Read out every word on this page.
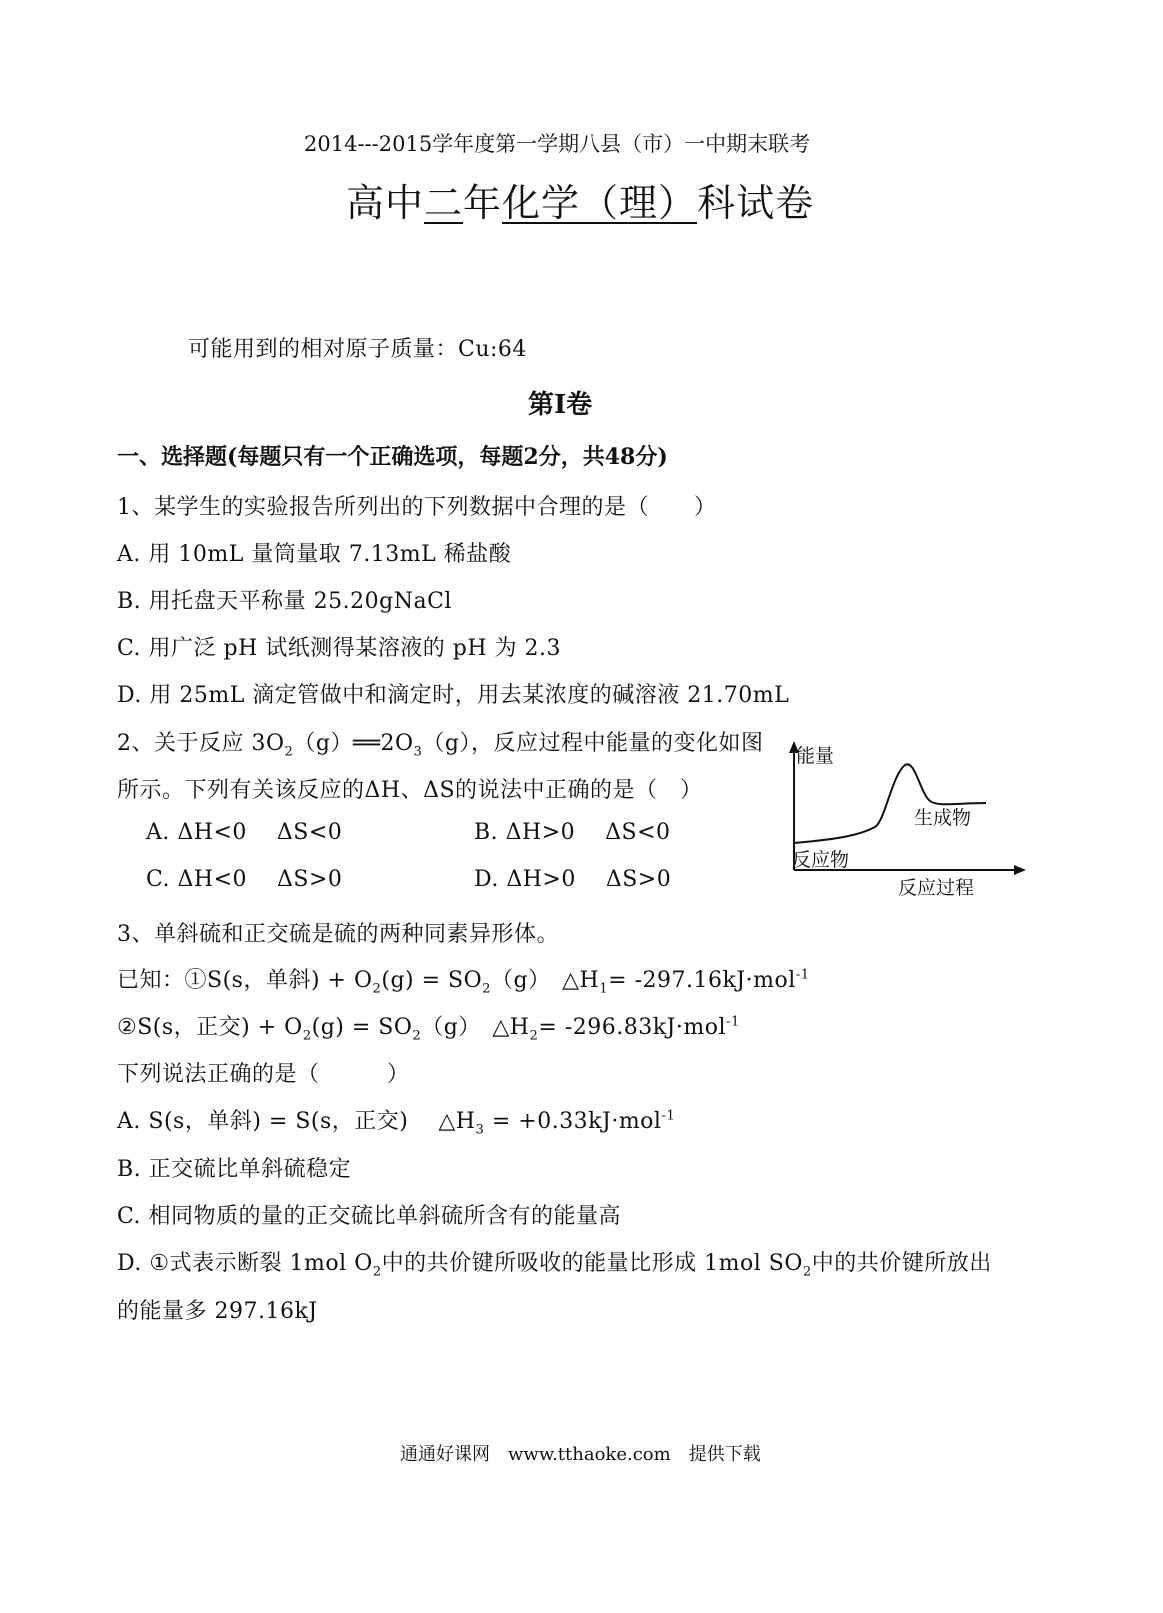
2014---2015学年度第一学期八县（市）一中期末联考
高中二年化学（理）科试卷
可能用到的相对原子质量：Cu:64
第I卷
一、选择题(每题只有一个正确选项，每题2分，共48分)
1、某学生的实验报告所列出的下列数据中合理的是（　　）
A. 用 10mL 量筒量取 7.13mL 稀盐酸
B. 用托盘天平称量 25.20gNaCl
C. 用广泛 pH 试纸测得某溶液的 pH 为 2.3
D. 用 25mL 滴定管做中和滴定时，用去某浓度的碱溶液 21.70mL
2、关于反应 $3O_2(g)══2O_3(g)$，反应过程中能量的变化如图
所示。下列有关该反应的ΔH、ΔS的说法中正确的是（　）
A. ΔH<0　 ΔS<0	B. ΔH>0　 ΔS<0
C. ΔH<0　 ΔS>0	D. ΔH>0　 ΔS>0
能量
生成物
反应物
反应过程
3、单斜硫和正交硫是硫的两种同素异形体。
已知：①S(s，单斜) + $O_2(g) = SO_2(g)$　$\triangle H_1= -297.16kJ\cdot mol^{-1}$
②S(s，正交) + $O_2(g) = SO_2(g)$　$\triangle H_2= -296.83kJ\cdot mol^{-1}$
下列说法正确的是（　　　）
A. S(s，单斜) = S(s，正交)　 $\triangle H_3 = +0.33kJ\cdot mol^{-1}$
B. 正交硫比单斜硫稳定
C. 相同物质的量的正交硫比单斜硫所含有的能量高
D. ①式表示断裂 1mol $O_2$中的共价键所吸收的能量比形成 1mol $SO_2$中的共价键所放出
的能量多 297.16kJ
通通好课网　www.tthaoke.com　提供下载
